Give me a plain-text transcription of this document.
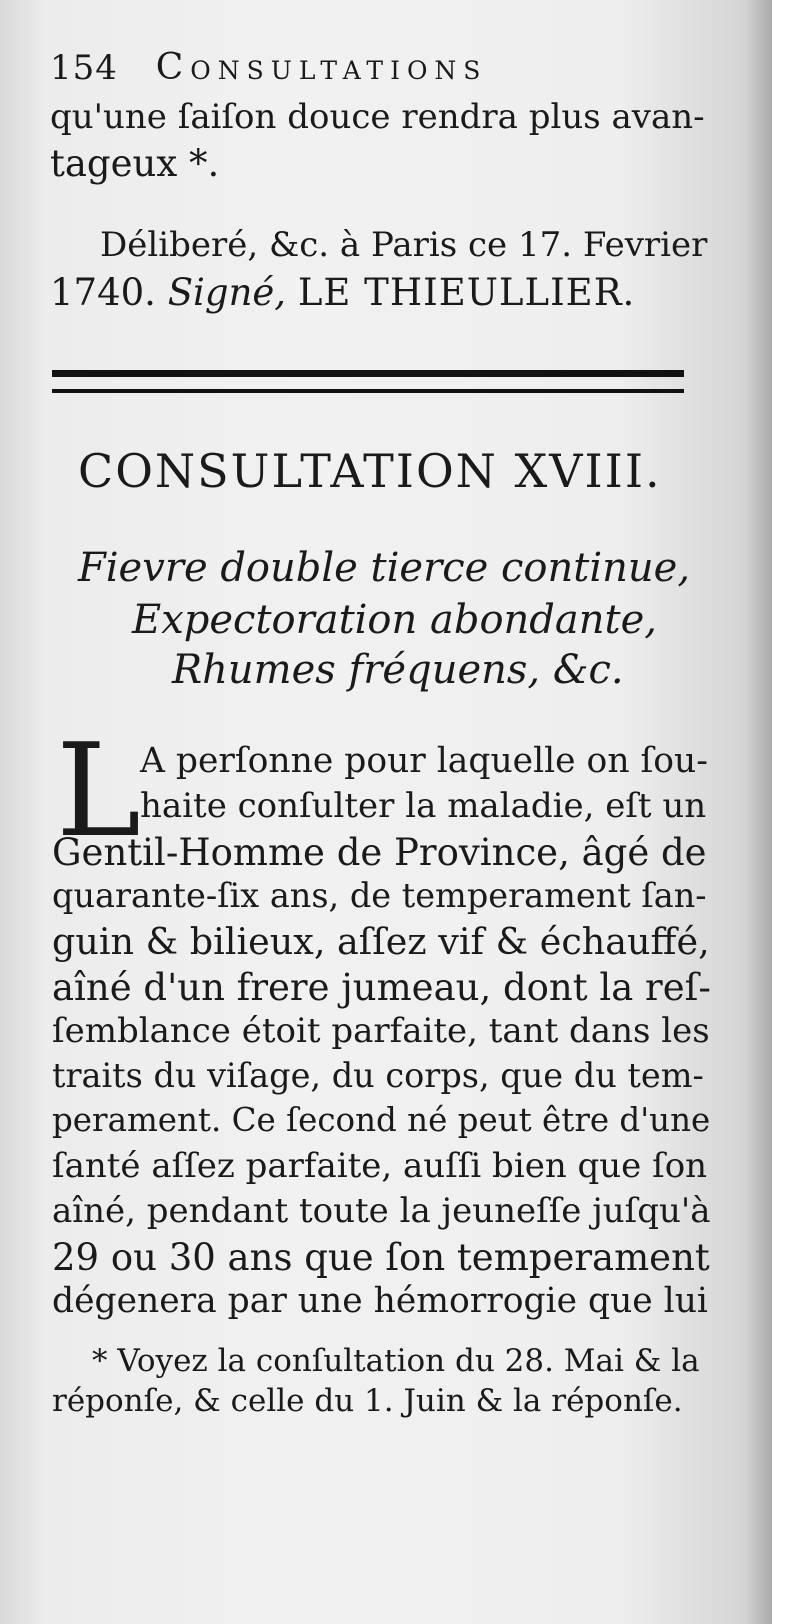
154 Consultations
qu'une ſaiſon douce rendra plus avan-
tageux *.
Déliberé, &c. à Paris ce 17. Fevrier
1740. Signé, LE THIEULLIER.
CONSULTATION XVIII.
Fievre double tierce continue,
Expectoration abondante,
Rhumes fréquens, &c.
L A perſonne pour laquelle on ſou-
haite conſulter la maladie, eſt un
Gentil-Homme de Province, âgé de
quarante-ſix ans, de temperament ſan-
guin & bilieux, aſſez vif & échauffé,
aîné d'un frere jumeau, dont la reſ-
ſemblance étoit parfaite, tant dans les
traits du viſage, du corps, que du tem-
perament. Ce ſecond né peut être d'une
ſanté aſſez parfaite, auſſi bien que ſon
aîné, pendant toute la jeuneſſe juſqu'à
29 ou 30 ans que ſon temperament
dégenera par une hémorrogie que lui
* Voyez la conſultation du 28. Mai & la
réponſe, & celle du 1. Juin & la réponſe.
